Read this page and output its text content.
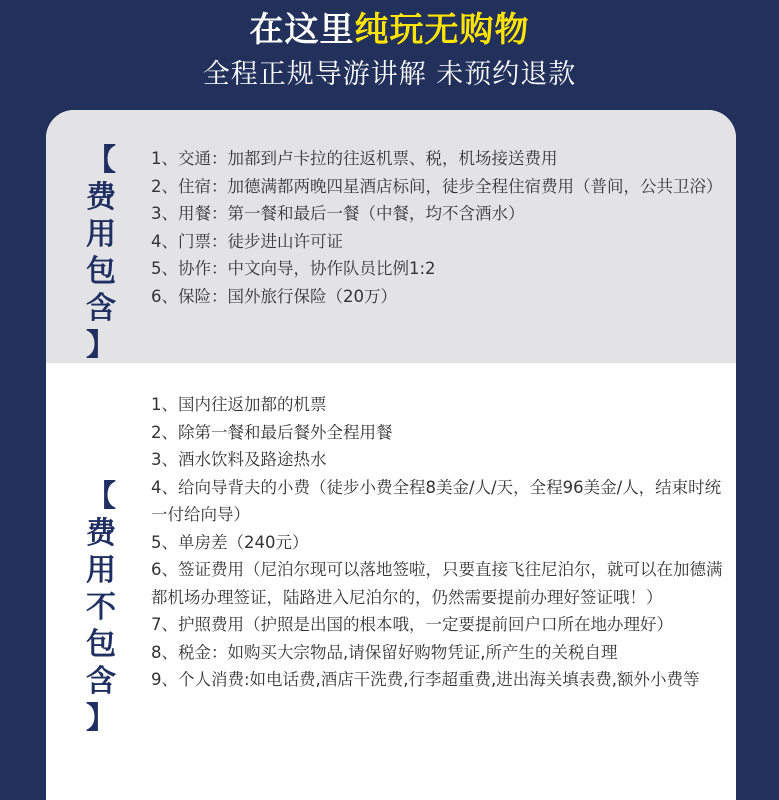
在这里纯玩无购物
全程正规导游讲解 未预约退款
【
费
用
包
含
】
1、交通：加都到卢卡拉的往返机票、税，机场接送费用
2、住宿：加德满都两晚四星酒店标间，徒步全程住宿费用（普间，公共卫浴）
3、用餐：第一餐和最后一餐（中餐，均不含酒水）
4、门票：徒步进山许可证
5、协作：中文向导，协作队员比例1:2
6、保险：国外旅行保险（20万）
【
费
用
不
包
含
】
1、国内往返加都的机票
2、除第一餐和最后餐外全程用餐
3、酒水饮料及路途热水
4、给向导背夫的小费（徒步小费全程8美金/人/天，全程96美金/人，结束时统一付给向导）
5、单房差（240元）
6、签证费用（尼泊尔现可以落地签啦，只要直接飞往尼泊尔，就可以在加德满都机场办理签证，陆路进入尼泊尔的，仍然需要提前办理好签证哦！）
7、护照费用（护照是出国的根本哦，一定要提前回户口所在地办理好）
8、税金：如购买大宗物品,请保留好购物凭证,所产生的关税自理
9、个人消费:如电话费,酒店干洗费,行李超重费,进出海关填表费,额外小费等
